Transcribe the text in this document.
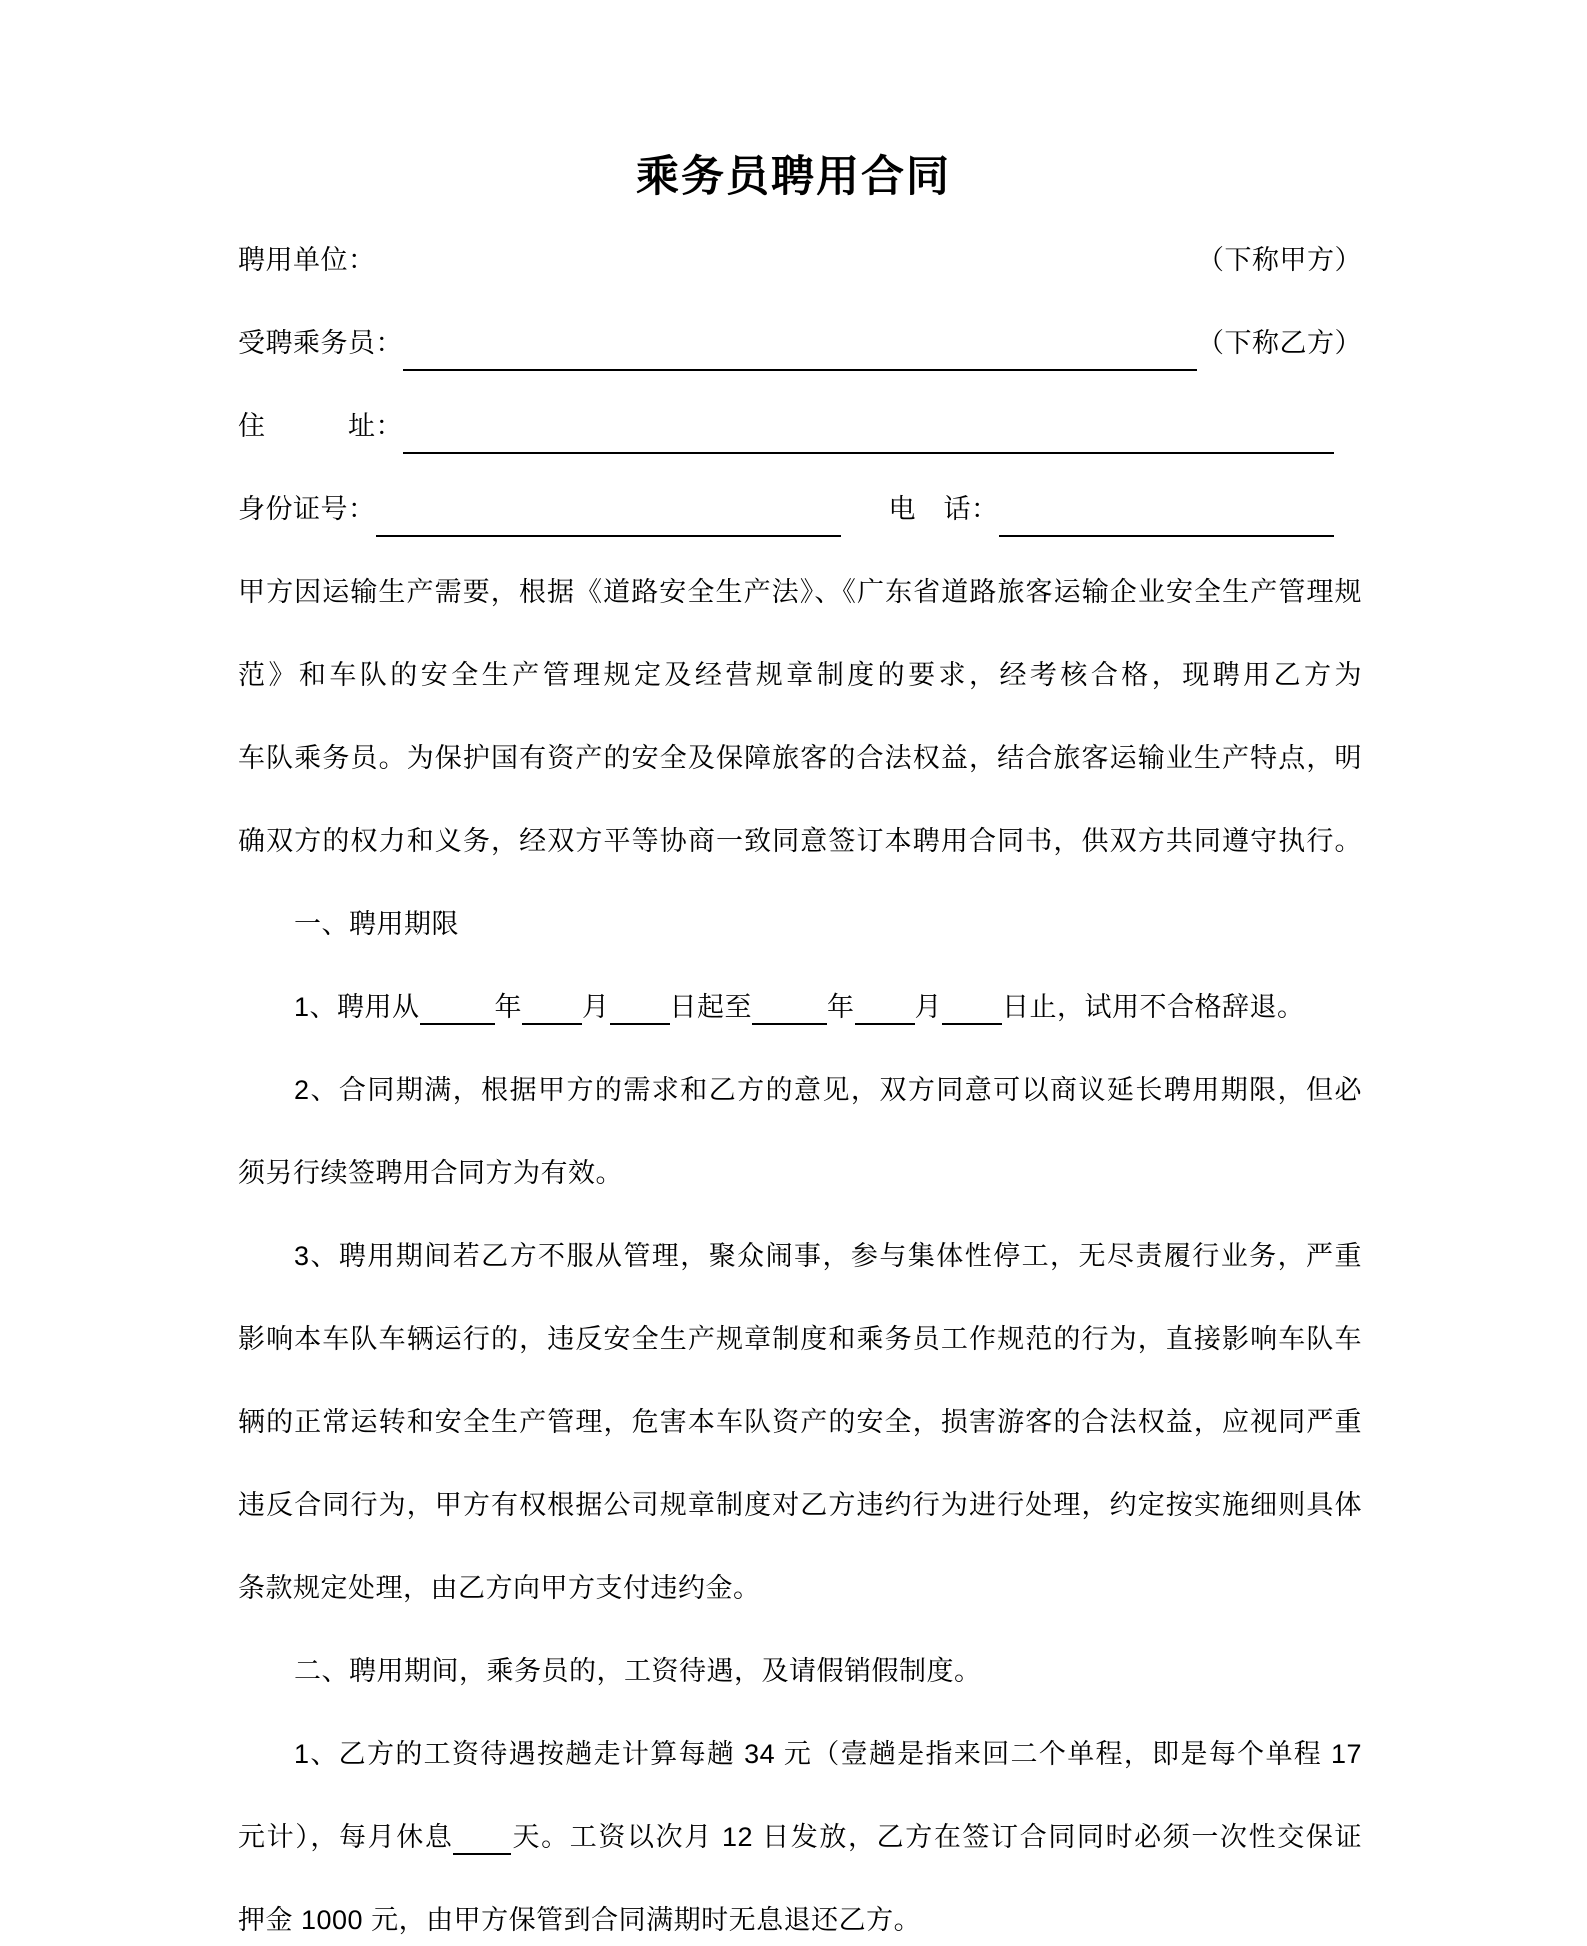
乘务员聘用合同
聘用单位：	（下称甲方）
受聘乘务员：	（下称乙方）
住　　　址：
身份证号：	电　话：
甲方因运输生产需要，根据《道路安全生产法》、《广东省道路旅客运输企业安全生产管理规
范》和车队的安全生产管理规定及经营规章制度的要求，经考核合格，现聘用乙方为
车队乘务员。为保护国有资产的安全及保障旅客的合法权益，结合旅客运输业生产特点，明
确双方的权力和义务，经双方平等协商一致同意签订本聘用合同书，供双方共同遵守执行。
一、聘用期限
1、聘用从	年 月 日起至	年 月 日止，试用不合格辞退。
2、合同期满，根据甲方的需求和乙方的意见，双方同意可以商议延长聘用期限，但必
须另行续签聘用合同方为有效。
3、聘用期间若乙方不服从管理，聚众闹事，参与集体性停工，无尽责履行业务，严重
影响本车队车辆运行的，违反安全生产规章制度和乘务员工作规范的行为，直接影响车队车
辆的正常运转和安全生产管理，危害本车队资产的安全，损害游客的合法权益，应视同严重
违反合同行为，甲方有权根据公司规章制度对乙方违约行为进行处理，约定按实施细则具体
条款规定处理，由乙方向甲方支付违约金。
二、聘用期间，乘务员的，工资待遇，及请假销假制度。
1、乙方的工资待遇按趟走计算每趟 34 元（壹趟是指来回二个单程，即是每个单程 17
元计），每月休息 天。工资以次月 12 日发放，乙方在签订合同同时必须一次性交保证
押金 1000 元，由甲方保管到合同满期时无息退还乙方。
